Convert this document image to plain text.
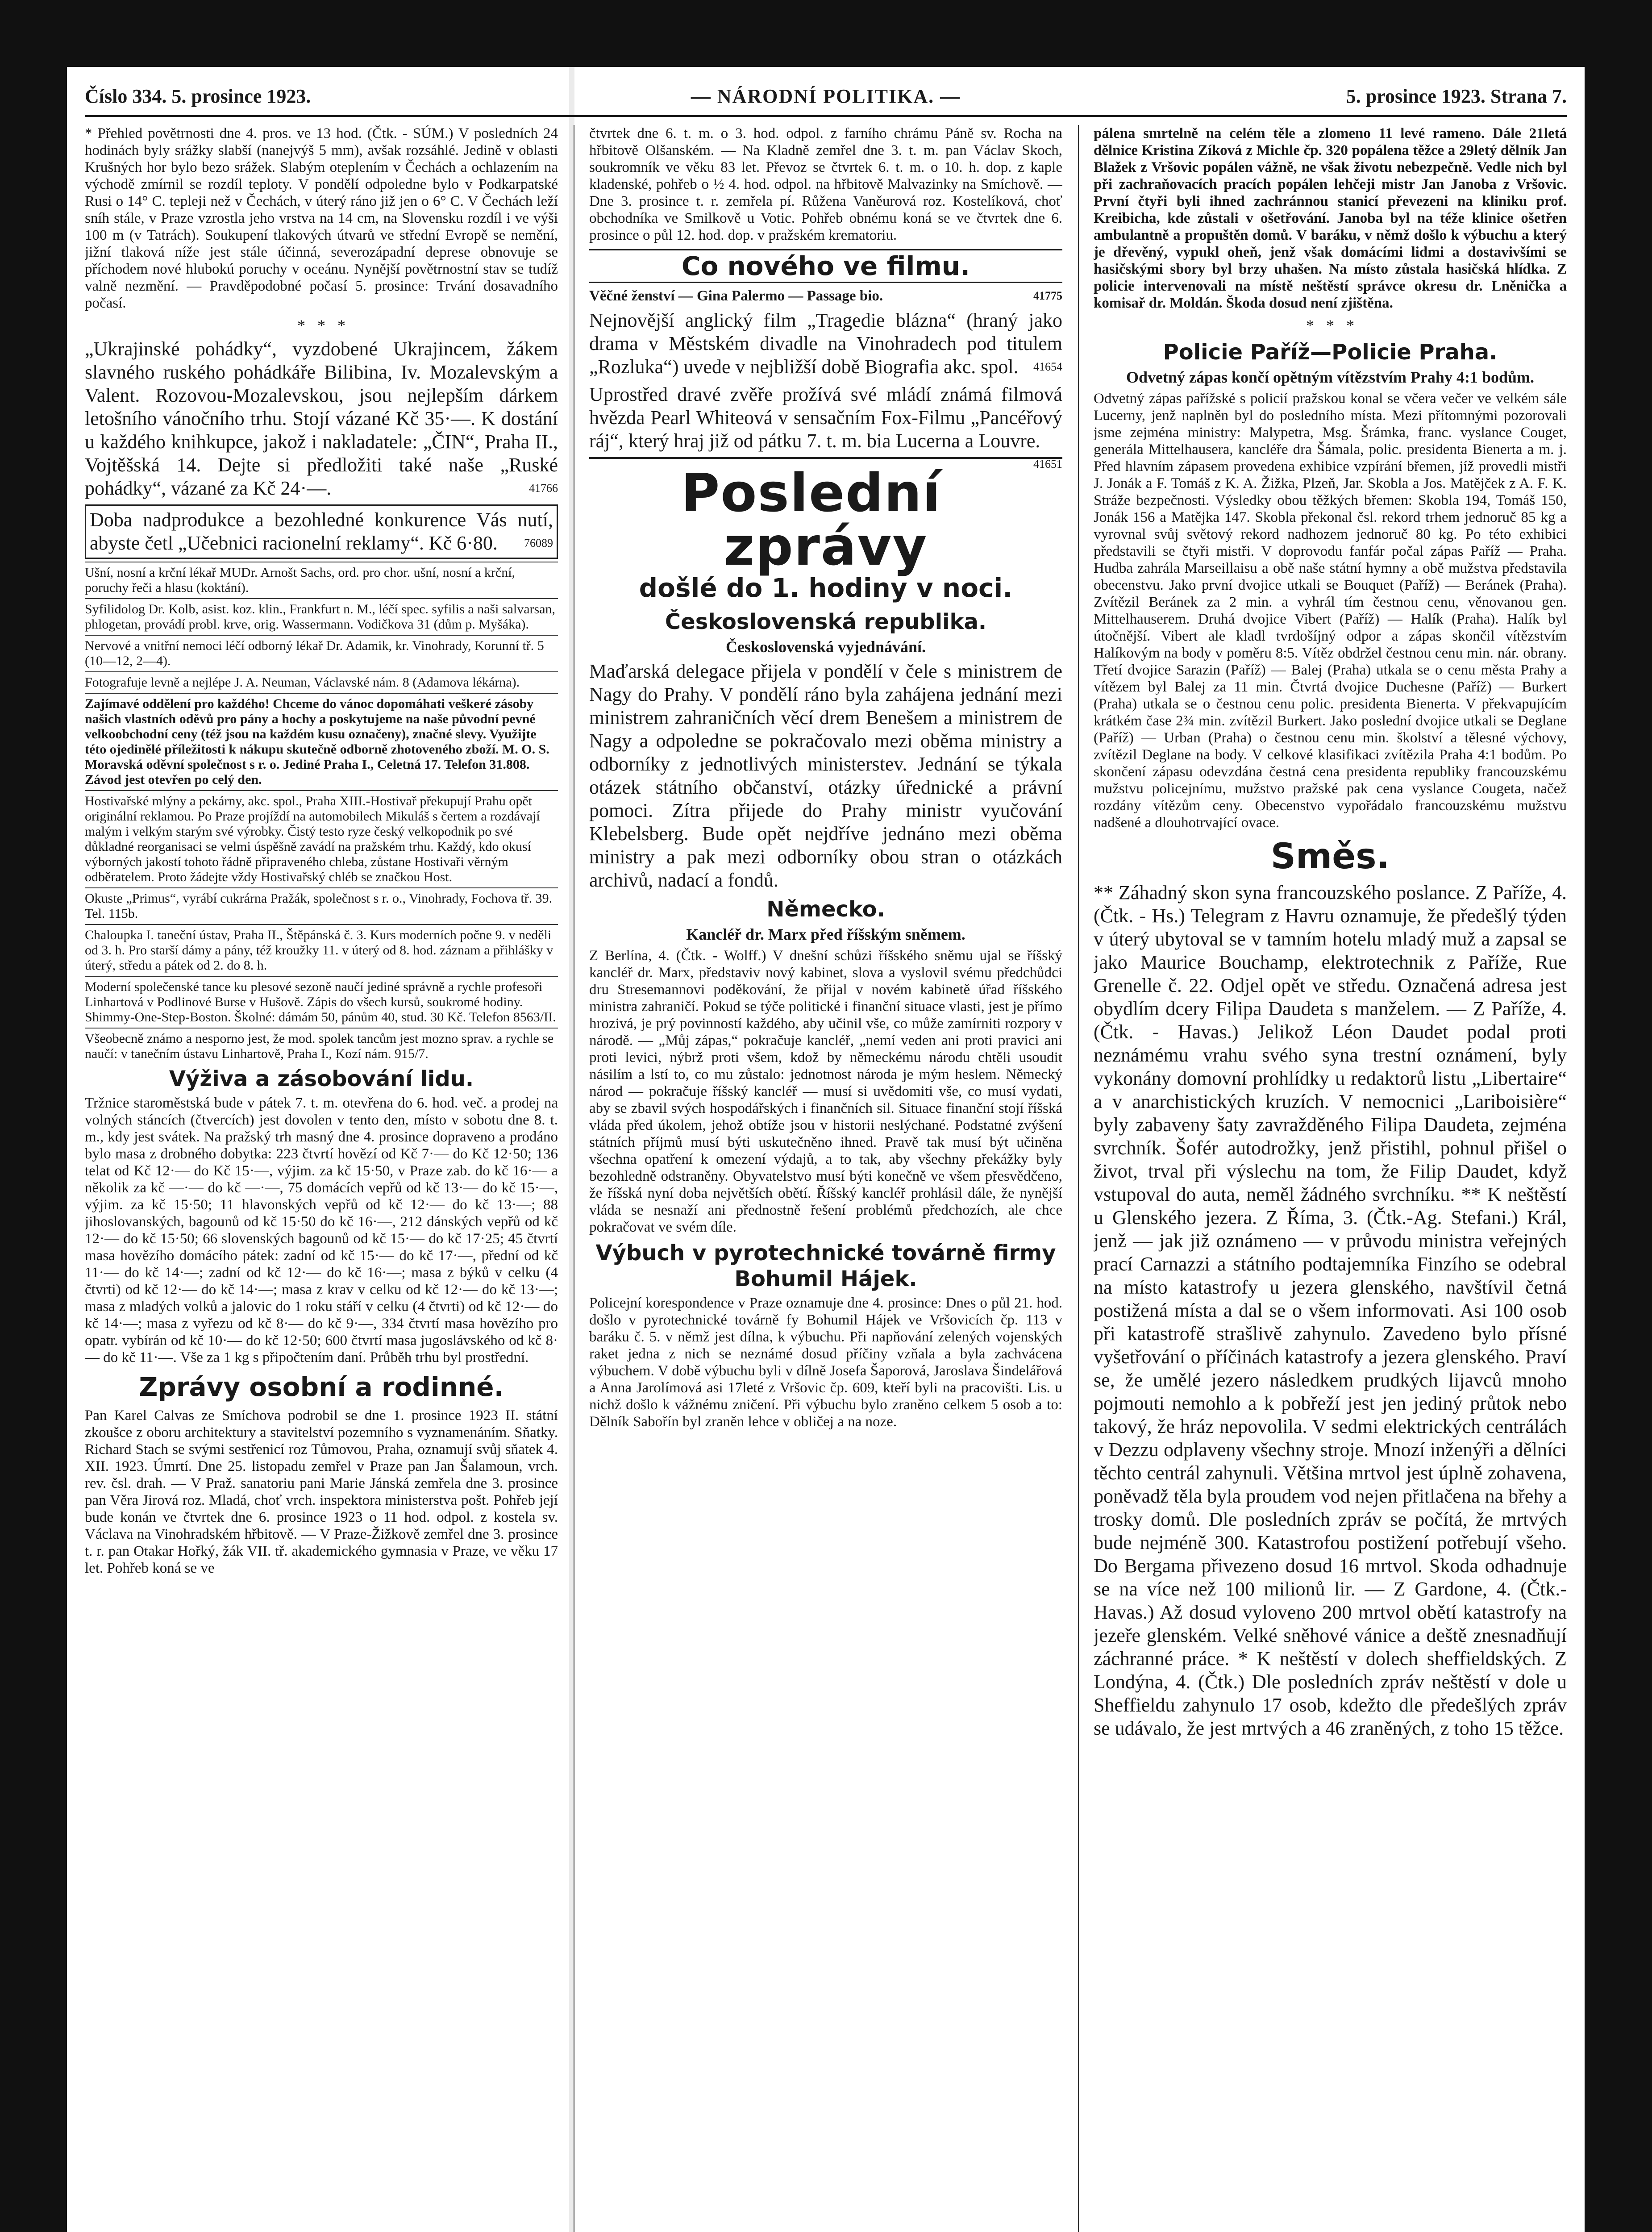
Číslo 334. 5. prosince 1923.	— NÁRODNÍ POLITIKA. —	5. prosince 1923. Strana 7.

* Přehled povětrnosti dne 4. pros. ve 13 hod. (Čtk. - SÚM.) V posledních 24 hodinách byly srážky slabší (nanejvýš 5 mm), avšak rozsáhlé. Jedině v oblasti Krušných hor bylo bezo srážek. Slabým oteplením v Čechách a ochlazením na východě zmírnil se rozdíl teploty. V pondělí odpoledne bylo v Podkarpatské Rusi o 14° C. tepleji než v Čechách, v úterý ráno již jen o 6° C. V Čechách leží sníh stále, v Praze vzrostla jeho vrstva na 14 cm, na Slovensku rozdíl i ve výši 100 m (v Tatrách). Soukupení tlakových útvarů ve střední Evropě se nemění, jižní tlaková níže jest stále účinná, severozápadní deprese obnovuje se příchodem nové hlubokú poruchy v oceánu. Nynější povětrnostní stav se tudíž valně nezmění. — Pravděpodobné počasí 5. prosince: Trvání dosavadního počasí.

*   *   *

„Ukrajinské pohádky“, vyzdobené Ukrajincem, žákem slavného ruského pohádkáře Bilibina, Iv. Mozalevským a Valent. Rozovou-Mozalevskou, jsou nejlepším dárkem letošního vánočního trhu. Stojí vázané Kč 35·—. K dostání u každého knihkupce, jakož i nakladatele: „ČIN“, Praha II., Vojtěšská 14. Dejte si předložiti také naše „Ruské pohádky“, vázané za Kč 24·—.	41766

Doba nadprodukce a bezohledné konkurence Vás nutí, abyste četl „Učebnici racionelní reklamy“. Kč 6·80. 76089

Ušní, nosní a krční lékař MUDr. Arnošt Sachs, ord. pro chor. ušní, nosní a krční, poruchy řeči a hlasu (koktání).
Syfilidolog Dr. Kolb, asist. koz. klin., Frankfurt n. M., léčí spec. syfilis a naši salvarsan, phlogetan, provádí probl. krve, orig. Wassermann. Vodičkova 31 (dům p. Myšáka).
Nervové a vnitřní nemoci léčí odborný lékař Dr. Adamik, kr. Vinohrady, Korunní tř. 5 (10—12, 2—4).
Fotografuje levně a nejlépe J. A. Neuman, Václavské nám. 8 (Adamova lékárna).
Zajímavé oddělení pro každého! Chceme do vánoc dopomáhati veškeré zásoby našich vlastních oděvů pro pány a hochy a poskytujeme na naše původní pevné velkoobchodní ceny (též jsou na každém kusu označeny), značné slevy. Využijte této ojedinělé příležitosti k nákupu skutečně odborně zhotoveného zboží. M. O. S. Moravská oděvní společnost s r. o. Jediné Praha I., Celetná 17. Telefon 31.808. Závod jest otevřen po celý den.
Hostivařské mlýny a pekárny, akc. spol., Praha XIII.-Hostivař překupují Prahu opět originální reklamou. Po Praze projíždí na automobilech Mikuláš s čertem a rozdávají malým i velkým starým své výrobky. Čistý testo ryze český velkopodnik po své důkladné reorganisaci se velmi úspěšně zavádí na pražském trhu. Každý, kdo okusí výborných jakostí tohoto řádně připraveného chleba, zůstane Hostivaři věrným odběratelem. Proto žádejte vždy Hostivařský chléb se značkou Host.
Okuste „Primus“, vyrábí cukrárna Pražák, společnost s r. o., Vinohrady, Fochova tř. 39. Tel. 115b.
Chaloupka I. taneční ústav, Praha II., Štěpánská č. 3. Kurs moderních počne 9. v neděli od 3. h. Pro starší dámy a pány, též kroužky 11. v úterý od 8. hod. záznam a přihlášky v úterý, středu a pátek od 2. do 8. h.
Moderní společenské tance ku plesové sezoně naučí jediné správně a rychle profesoři Linhartová v Podlinové Burse v Hušově. Zápis do všech kursů, soukromé hodiny. Shimmy-One-Step-Boston. Školné: dámám 50, pánům 40, stud. 30 Kč. Telefon 8563/II.
Všeobecně známo a nesporno jest, že mod. spolek tancům jest mozno sprav. a rychle se naučí: v tanečním ústavu Linhartově, Praha I., Kozí nám. 915/7.
Výživa a zásobování lidu.

Tržnice staroměstská bude v pátek 7. t. m. otevřena do 6. hod. več. a prodej na volných stáncích (čtvercích) jest dovolen v tento den, místo v sobotu dne 8. t. m., kdy jest svátek. Na pražský trh masný dne 4. prosince dopraveno a prodáno bylo masa z drobného dobytka: 223 čtvrtí hovězí od Kč 7·— do Kč 12·50; 136 telat od Kč 12·— do Kč 15·—, výjim. za kč 15·50, v Praze zab. do kč 16·— a několik za kč —·— do kč —·—, 75 domácích vepřů od kč 13·— do kč 15·—, výjim. za kč 15·50; 11 hlavonských vepřů od kč 12·— do kč 13·—; 88 jihoslovanských, bagounů od kč 15·50 do kč 16·—, 212 dánských vepřů od kč 12·— do kč 15·50; 66 slovenských bagounů od kč 15·— do kč 17·25; 45 čtvrtí masa hovězího domácího pátek: zadní od kč 15·— do kč 17·—, přední od kč 11·— do kč 14·—; zadní od kč 12·— do kč 16·—; masa z býků v celku (4 čtvrti) od kč 12·— do kč 14·—; masa z krav v celku od kč 12·— do kč 13·—; masa z mladých volků a jalovic do 1 roku stáří v celku (4 čtvrti) od kč 12·— do kč 14·—; masa z vyřezu od kč 8·— do kč 9·—, 334 čtvrtí masa hovězího pro opatr. vybírán od kč 10·— do kč 12·50; 600 čtvrtí masa jugoslávského od kč 8·— do kč 11·—. Vše za 1 kg s připočtením daní. Průběh trhu byl prostřední.

Zprávy osobní a rodinné.

Pan Karel Calvas ze Smíchova podrobil se dne 1. prosince 1923 II. státní zkoušce z oboru architektury a stavitelství pozemního s vyznamenáním. Sňatky. Richard Stach se svými sestřenicí roz Tůmovou, Praha, oznamují svůj sňatek 4. XII. 1923. Úmrtí. Dne 25. listopadu zemřel v Praze pan Jan Šalamoun, vrch. rev. čsl. drah. — V Praž. sanatoriu pani Marie Jánská zemřela dne 3. prosince pan Věra Jirová roz. Mladá, choť vrch. inspektora ministerstva pošt. Pohřeb její bude konán ve čtvrtek dne 6. prosince 1923 o 11 hod. odpol. z kostela sv. Václava na Vinohradském hřbitově. — V Praze-Žižkově zemřel dne 3. prosince t. r. pan Otakar Hořký, žák VII. tř. akademického gymnasia v Praze, ve věku 17 let. Pohřeb koná se ve

čtvrtek dne 6. t. m. o 3. hod. odpol. z farního chrámu Páně sv. Rocha na hřbitově Olšanském. — Na Kladně zemřel dne 3. t. m. pan Václav Skoch, soukromník ve věku 83 let. Převoz se čtvrtek 6. t. m. o 10. h. dop. z kaple kladenské, pohřeb o ½ 4. hod. odpol. na hřbitově Malvazinky na Smíchově. — Dne 3. prosince t. r. zemřela pí. Růžena Vaněurová roz. Kostelíková, choť obchodníka ve Smilkově u Votic. Pohřeb obnému koná se ve čtvrtek dne 6. prosince o půl 12. hod. dop. v pražském krematoriu.

Co nového ve filmu.

Věčné ženství — Gina Palermo — Passage bio.	41775

Nejnovější anglický film „Tragedie blázna“ (hraný jako drama v Městském divadle na Vinohradech pod titulem „Rozluka“) uvede v nejbližší době Biografia akc. spol. 41654

Uprostřed dravé zvěře prožívá své mládí známá filmová hvězda Pearl Whiteová v sensačním Fox-Filmu „Pancéřový ráj“, který hraj již od pátku 7. t. m. bia Lucerna a Louvre.
41651

Poslední zprávy
došlé do 1. hodiny v noci.
Československá republika.
Československá vyjednávání.

Maďarská delegace přijela v pondělí v čele s ministrem de Nagy do Prahy. V pondělí ráno byla zahájena jednání mezi ministrem zahraničních věcí drem Benešem a ministrem de Nagy a odpoledne se pokračovalo mezi oběma ministry a odborníky z jednotlivých ministerstev. Jednání se týkala otázek státního občanství, otázky úřednické a právní pomoci. Zítra přijede do Prahy ministr vyučování Klebelsberg. Bude opět nejdříve jednáno mezi oběma ministry a pak mezi odborníky obou stran o otázkách archivů, nadací a fondů.

Německo.
Kancléř dr. Marx před říšským sněmem.

Z Berlína, 4. (Čtk. - Wolff.) V dnešní schůzi říšského sněmu ujal se říšský kancléř dr. Marx, představiv nový kabinet, slova a vyslovil svému předchůdci dru Stresemannovi poděkování, že přijal v novém kabinetě úřad říšského ministra zahraničí. Pokud se týče politické i finanční situace vlasti, jest je přímo hrozivá, je prý povinností každého, aby učinil vše, co může zamírniti rozpory v národě. — „Můj zápas,“ pokračuje kancléř, „nemí veden ani proti pravici ani proti levici, nýbrž proti všem, kdož by německému národu chtěli usoudit násilím a lstí to, co mu zůstalo: jednotnost národa je mým heslem. Německý národ — pokračuje říšský kancléř — musí si uvědomiti vše, co musí vydati, aby se zbavil svých hospodářských i finančních sil. Situace finanční stojí říšská vláda před úkolem, jehož obtíže jsou v historii neslýchané. Podstatné zvýšení státních příjmů musí býti uskutečněno ihned. Pravě tak musí být učiněna všechna opatření k omezení výdajů, a to tak, aby všechny překážky byly bezohledně odstraněny. Obyvatelstvo musí býti konečně ve všem přesvědčeno, že říšská nyní doba největších obětí. Říšský kancléř prohlásil dále, že nynější vláda se nesnaží ani přednostně řešení problémů předchozích, ale chce pokračovat ve svém díle.

Výbuch v pyrotechnické továrně firmy Bohumil Hájek.

Policejní korespondence v Praze oznamuje dne 4. prosince: Dnes o půl 21. hod. došlo v pyrotechnické továrně fy Bohumil Hájek ve Vršovicích čp. 113 v baráku č. 5. v němž jest dílna, k výbuchu. Při napňování zelených vojenských raket jedna z nich se neznámé dosud příčiny vzňala a byla zachvácena výbuchem. V době výbuchu byli v dílně Josefa Šaporová, Jaroslava Šindelářová a Anna Jarolímová asi 17leté z Vršovic čp. 609, kteří byli na pracovišti. Lis. u nichž došlo k vážnému zničení. Při výbuchu bylo zraněno celkem 5 osob a to: Dělník Sabořín byl zraněn lehce v obličej a na noze.

pálena smrtelně na celém těle a zlomeno 11 levé rameno. Dále 21letá dělnice Kristina Zíková z Michle čp. 320 popálena těžce a 29letý dělník Jan Blažek z Vršovic popálen vážně, ne však životu nebezpečně. Vedle nich byl při zachraňovacích pracích popálen lehčeji mistr Jan Janoba z Vršovic. První čtyři byli ihned zachránnou stanicí převezeni na kliniku prof. Kreibicha, kde zůstali v ošetřování. Janoba byl na téže klinice ošetřen ambulantně a propuštěn domů. V baráku, v němž došlo k výbuchu a který je dřevěný, vypukl oheň, jenž však domácími lidmi a dostavivšími se hasičskými sbory byl brzy uhašen. Na místo zůstala hasičská hlídka. Z policie intervenovali na místě neštěstí správce okresu dr. Lněnička a komisař dr. Moldán. Škoda dosud není zjištěna.

*   *   *
Policie Paříž—Policie Praha.
Odvetný zápas končí opětným vítězstvím Prahy 4:1 bodům.

Odvetný zápas pařížské s policií pražskou konal se včera večer ve velkém sále Lucerny, jenž naplněn byl do posledního místa. Mezi přítomnými pozorovali jsme zejména ministry: Malypetra, Msg. Šrámka, franc. vyslance Couget, generála Mittelhausera, kancléře dra Šámala, polic. presidenta Bienerta a m. j. Před hlavním zápasem provedena exhibice vzpírání břemen, jíž provedli mistři J. Jonák a F. Tomáš z K. A. Žižka, Plzeň, Jar. Skobla a Jos. Matějček z A. F. K. Stráže bezpečnosti. Výsledky obou těžkých břemen: Skobla 194, Tomáš 150, Jonák 156 a Matějka 147. Skobla překonal čsl. rekord trhem jednoruč 85 kg a vyrovnal svůj světový rekord nadhozem jednoruč 80 kg. Po této exhibici představili se čtyři mistři. V doprovodu fanfár počal zápas Paříž — Praha. Hudba zahrála Marseillaisu a obě naše státní hymny a obě mužstva představila obecenstvu. Jako první dvojice utkali se Bouquet (Paříž) — Beránek (Praha). Zvítězil Beránek za 2 min. a vyhrál tím čestnou cenu, věnovanou gen. Mittelhauserem. Druhá dvojice Vibert (Paříž) — Halík (Praha). Halík byl útočnější. Vibert ale kladl tvrdošíjný odpor a zápas skončil vítězstvím Halíkovým na body v poměru 8:5. Vítěz obdržel čestnou cenu min. nár. obrany. Třetí dvojice Sarazin (Paříž) — Balej (Praha) utkala se o cenu města Prahy a vítězem byl Balej za 11 min. Čtvrtá dvojice Duchesne (Paříž) — Burkert (Praha) utkala se o čestnou cenu polic. presidenta Bienerta. V překvapujícím krátkém čase 2¾ min. zvítězil Burkert. Jako poslední dvojice utkali se Deglane (Paříž) — Urban (Praha) o čestnou cenu min. školství a tělesné výchovy, zvítězil Deglane na body. V celkové klasifikaci zvítězila Praha 4:1 bodům. Po skončení zápasu odevzdána čestná cena presidenta republiky francouzskému mužstvu policejnímu, mužstvo pražské pak cena vyslance Cougeta, načež rozdány vítězům ceny. Obecenstvo vypořádalo francouzskému mužstvu nadšené a dlouhotrvající ovace.

Směs.

** Záhadný skon syna francouzského poslance. Z Paříže, 4. (Čtk. - Hs.) Telegram z Havru oznamuje, že předešlý týden v úterý ubytoval se v tamním hotelu mladý muž a zapsal se jako Maurice Bouchamp, elektrotechnik z Paříže, Rue Grenelle č. 22. Odjel opět ve středu. Označená adresa jest obydlím dcery Filipa Daudeta s manželem. — Z Paříže, 4. (Čtk. - Havas.) Jelikož Léon Daudet podal proti neznámému vrahu svého syna trestní oznámení, byly vykonány domovní prohlídky u redaktorů listu „Libertaire“ a v anarchistických kruzích. V nemocnici „Lariboisière“ byly zabaveny šaty zavražděného Filipa Daudeta, zejména svrchník. Šofér autodrožky, jenž přistihl, pohnul přišel o život, trval při výslechu na tom, že Filip Daudet, když vstupoval do auta, neměl žádného svrchníku. ** K neštěstí u Glenského jezera. Z Říma, 3. (Čtk.-Ag. Stefani.) Král, jenž — jak již oznámeno — v průvodu ministra veřejných prací Carnazzi a státního podtajemníka Finzího se odebral na místo katastrofy u jezera glenského, navštívil četná postižená místa a dal se o všem informovati. Asi 100 osob při katastrofě strašlivě zahynulo. Zavedeno bylo přísné vyšetřování o příčinách katastrofy a jezera glenského. Praví se, že umělé jezero následkem prudkých lijavců mnoho pojmouti nemohlo a k pobřeží jest jen jediný průtok nebo takový, že hráz nepovolila. V sedmi elektrických centrálách v Dezzu odplaveny všechny stroje. Mnozí inženýři a dělníci těchto centrál zahynuli. Většina mrtvol jest úplně zohavena, poněvadž těla byla proudem vod nejen přitlačena na břehy a trosky domů. Dle posledních zpráv se počítá, že mrtvých bude nejméně 300. Katastrofou postižení potřebují všeho. Do Bergama přivezeno dosud 16 mrtvol. Skoda odhadnuje se na více než 100 milionů lir. — Z Gardone, 4. (Čtk.-Havas.) Až dosud vyloveno 200 mrtvol obětí katastrofy na jezeře glenském. Velké sněhové vánice a deště znesnadňují záchranné práce. * K neštěstí v dolech sheffieldských. Z Londýna, 4. (Čtk.) Dle posledních zpráv neštěstí v dole u Sheffieldu zahynulo 17 osob, kdežto dle předešlých zpráv se udávalo, že jest mrtvých a 46 zraněných, z toho 15 těžce.
